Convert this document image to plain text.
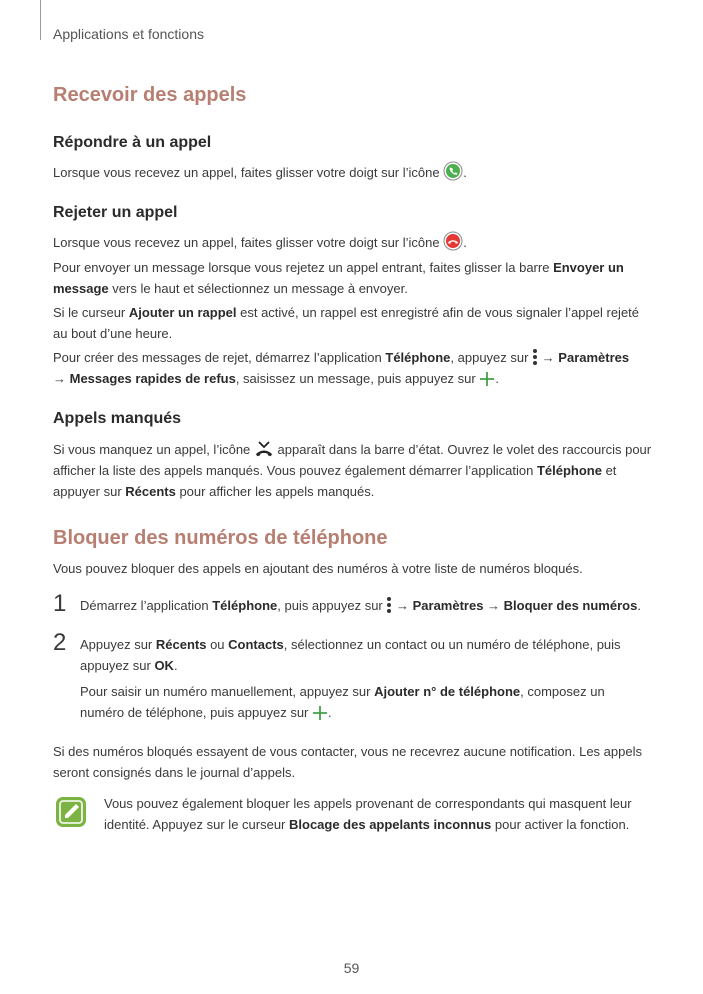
Applications et fonctions
Recevoir des appels
Répondre à un appel

Lorsque vous recevez un appel, faites glisser votre doigt sur l’icône
.

Rejeter un appel

Lorsque vous recevez un appel, faites glisser votre doigt sur l’icône
.

Pour envoyer un message lorsque vous rejetez un appel entrant, faites glisser la barre Envoyer un message vers le haut et sélectionnez un message à envoyer.

Si le curseur Ajouter un rappel est activé, un rappel est enregistré afin de vous signaler l’appel rejeté au bout d’une heure.

Pour créer des messages de rejet, démarrez l’application Téléphone, appuyez sur
→ Paramètres
→ Messages rapides de refus, saisissez un message, puis appuyez sur
.

Appels manqués

Si vous manquez un appel, l’icône
apparaît dans la barre d’état. Ouvrez le volet des raccourcis pour afficher la liste des appels manqués. Vous pouvez également démarrer l’application Téléphone et appuyer sur Récents pour afficher les appels manqués.

Bloquer des numéros de téléphone

Vous pouvez bloquer des appels en ajoutant des numéros à votre liste de numéros bloqués.

1 Démarrez l’application Téléphone, puis appuyez sur
→ Paramètres → Bloquer des numéros.

2 Appuyez sur Récents ou Contacts, sélectionnez un contact ou un numéro de téléphone, puis appuyez sur OK.

Pour saisir un numéro manuellement, appuyez sur Ajouter n° de téléphone, composez un numéro de téléphone, puis appuyez sur
.

Si des numéros bloqués essayent de vous contacter, vous ne recevrez aucune notification. Les appels seront consignés dans le journal d’appels.

Vous pouvez également bloquer les appels provenant de correspondants qui masquent leur identité. Appuyez sur le curseur Blocage des appelants inconnus pour activer la fonction.

59
